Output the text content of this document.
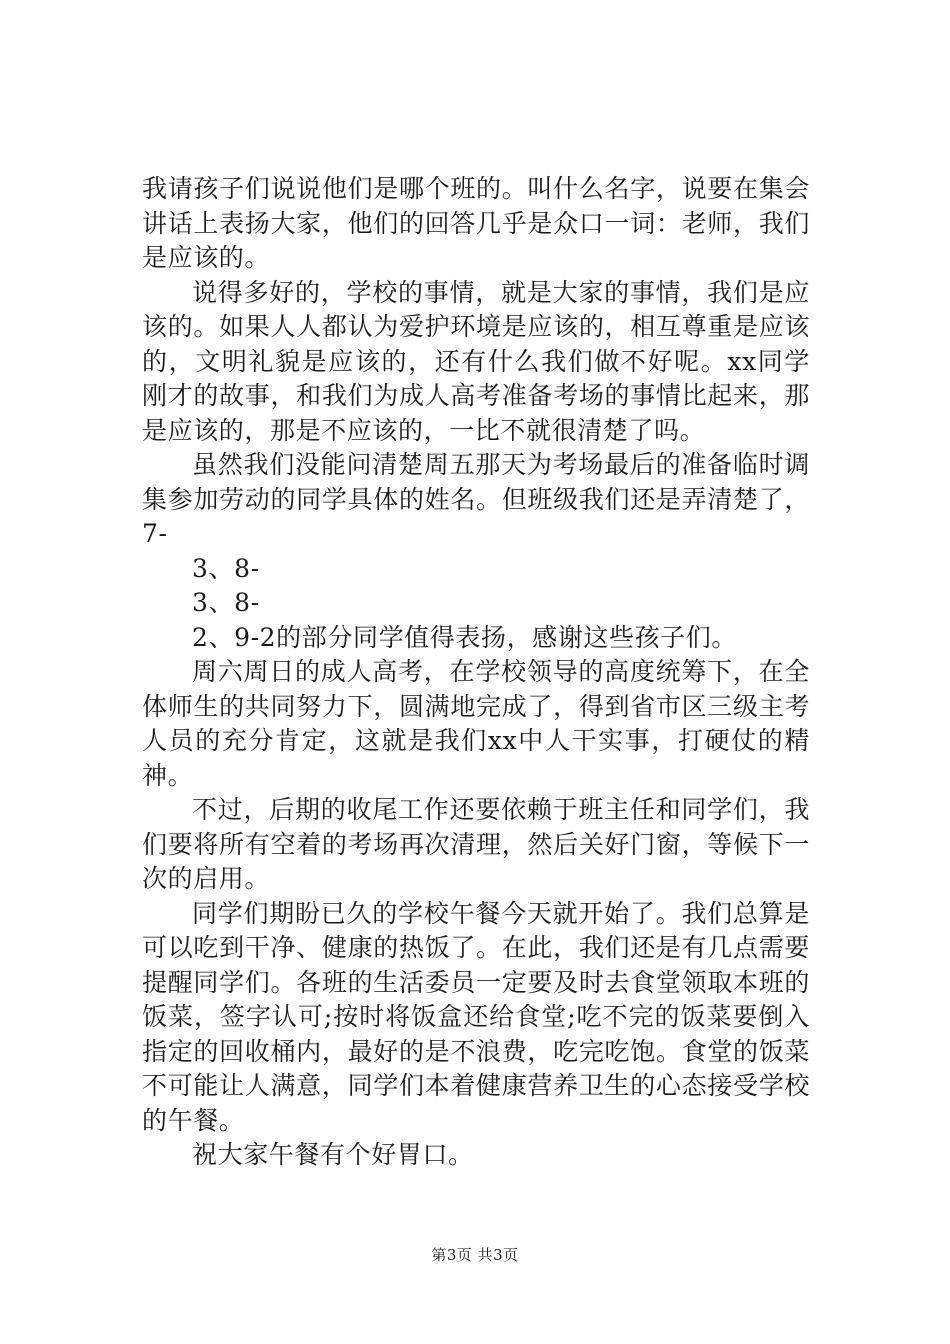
我请孩子们说说他们是哪个班的。叫什么名字，说要在集会讲话上表扬大家，他们的回答几乎是众口一词：老师，我们是应该的。

说得多好的，学校的事情，就是大家的事情，我们是应该的。如果人人都认为爱护环境是应该的，相互尊重是应该的，文明礼貌是应该的，还有什么我们做不好呢。xx同学刚才的故事，和我们为成人高考准备考场的事情比起来，那是应该的，那是不应该的，一比不就很清楚了吗。

虽然我们没能问清楚周五那天为考场最后的准备临时调集参加劳动的同学具体的姓名。但班级我们还是弄清楚了，7-

3、8-

3、8-

2、9-2的部分同学值得表扬，感谢这些孩子们。

周六周日的成人高考，在学校领导的高度统筹下，在全体师生的共同努力下，圆满地完成了，得到省市区三级主考人员的充分肯定，这就是我们xx中人干实事，打硬仗的精神。

不过，后期的收尾工作还要依赖于班主任和同学们，我们要将所有空着的考场再次清理，然后关好门窗，等候下一次的启用。

同学们期盼已久的学校午餐今天就开始了。我们总算是可以吃到干净、健康的热饭了。在此，我们还是有几点需要提醒同学们。各班的生活委员一定要及时去食堂领取本班的饭菜，签字认可;按时将饭盒还给食堂;吃不完的饭菜要倒入指定的回收桶内，最好的是不浪费，吃完吃饱。食堂的饭菜不可能让人满意，同学们本着健康营养卫生的心态接受学校的午餐。

祝大家午餐有个好胃口。

第3页 共3页
